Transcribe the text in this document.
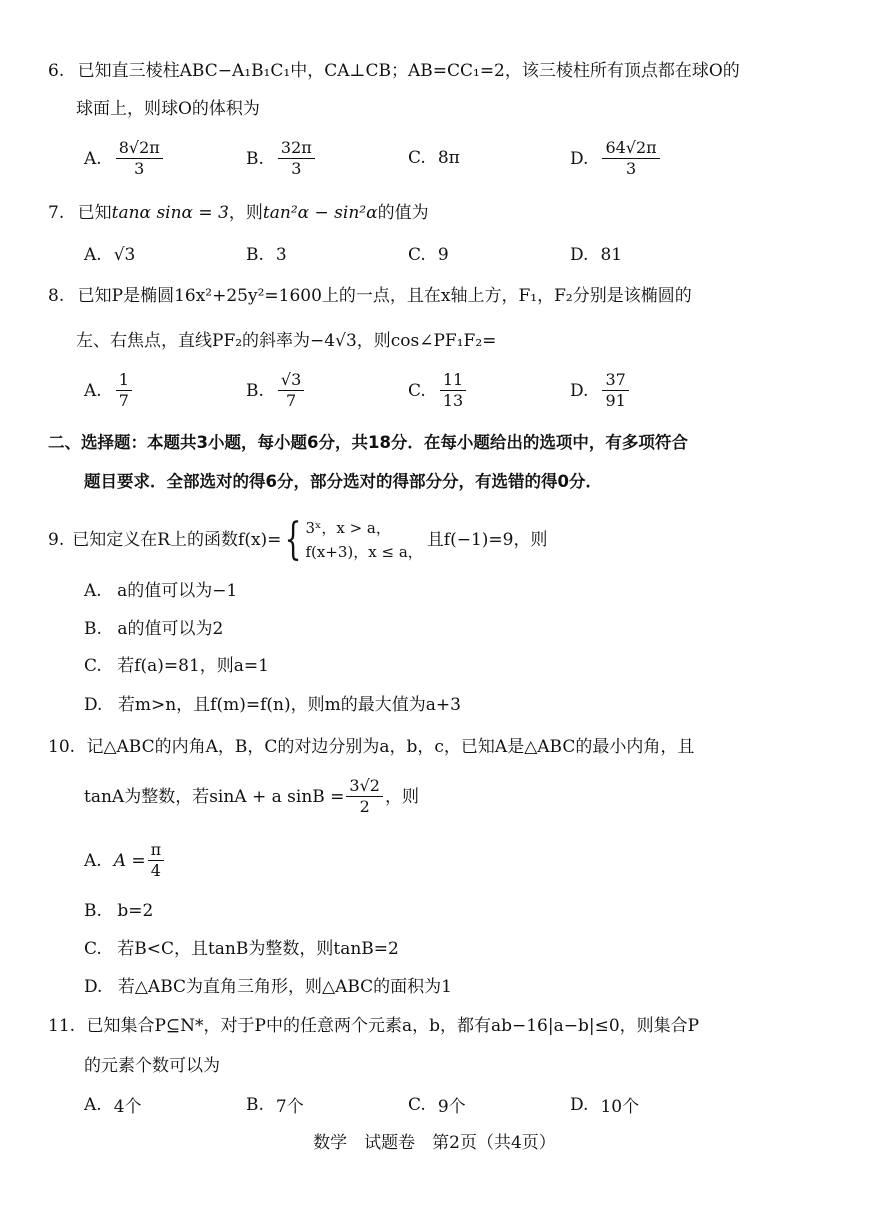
6. 已知直三棱柱ABC−A₁B₁C₁中，CA⊥CB；AB=CC₁=2，该三棱柱所有顶点都在球O的
球面上，则球O的体积为
A. $\frac{8√2\pi}{3}$	B. $\frac{32\pi}{3}$	C. 8π	D. $\frac{64√2\pi}{3}$
7. 已知tanα sinα = 3，则tan²α − sin²α的值为
A. √3	B. 3	C. 9	D. 81
8. 已知P是椭圆16x²+25y²=1600上的一点，且在x轴上方，F₁，F₂分别是该椭圆的
左、右焦点，直线PF₂的斜率为−4√3，则cos∠PF₁F₂=
A. $\frac{1}{7}$	B. $\frac{√3}{7}$	C. $\frac{11}{13}$	D. $\frac{37}{91}$
二、选择题：本题共3小题，每小题6分，共18分．在每小题给出的选项中，有多项符合
题目要求．全部选对的得6分，部分选对的得部分分，有选错的得0分．
9. 已知定义在R上的函数f(x)= { 3ˣ，x > a，
f(x+3)，x ≤ a，
且f(−1)=9，则
A. a的值可以为−1
B. a的值可以为2
C. 若f(a)=81，则a=1
D. 若m>n，且f(m)=f(n)，则m的最大值为a+3
10. 记△ABC的内角A，B，C的对边分别为a，b，c，已知A是△ABC的最小内角，且
tanA为整数，若sinA + a $\sin B = \frac{3√2}{2}$ ，则
A. $A = \frac{\pi}{4}$
B. b=2
C. 若B<C，且tanB为整数，则tanB=2
D. 若△ABC为直角三角形，则△ABC的面积为1
11. 已知集合P⊆N*，对于P中的任意两个元素a，b，都有ab−16|a−b|≤0，则集合P
的元素个数可以为
A. 4个	B. 7个	C. 9个	D. 10个
数学　试题卷　第2页（共4页）
